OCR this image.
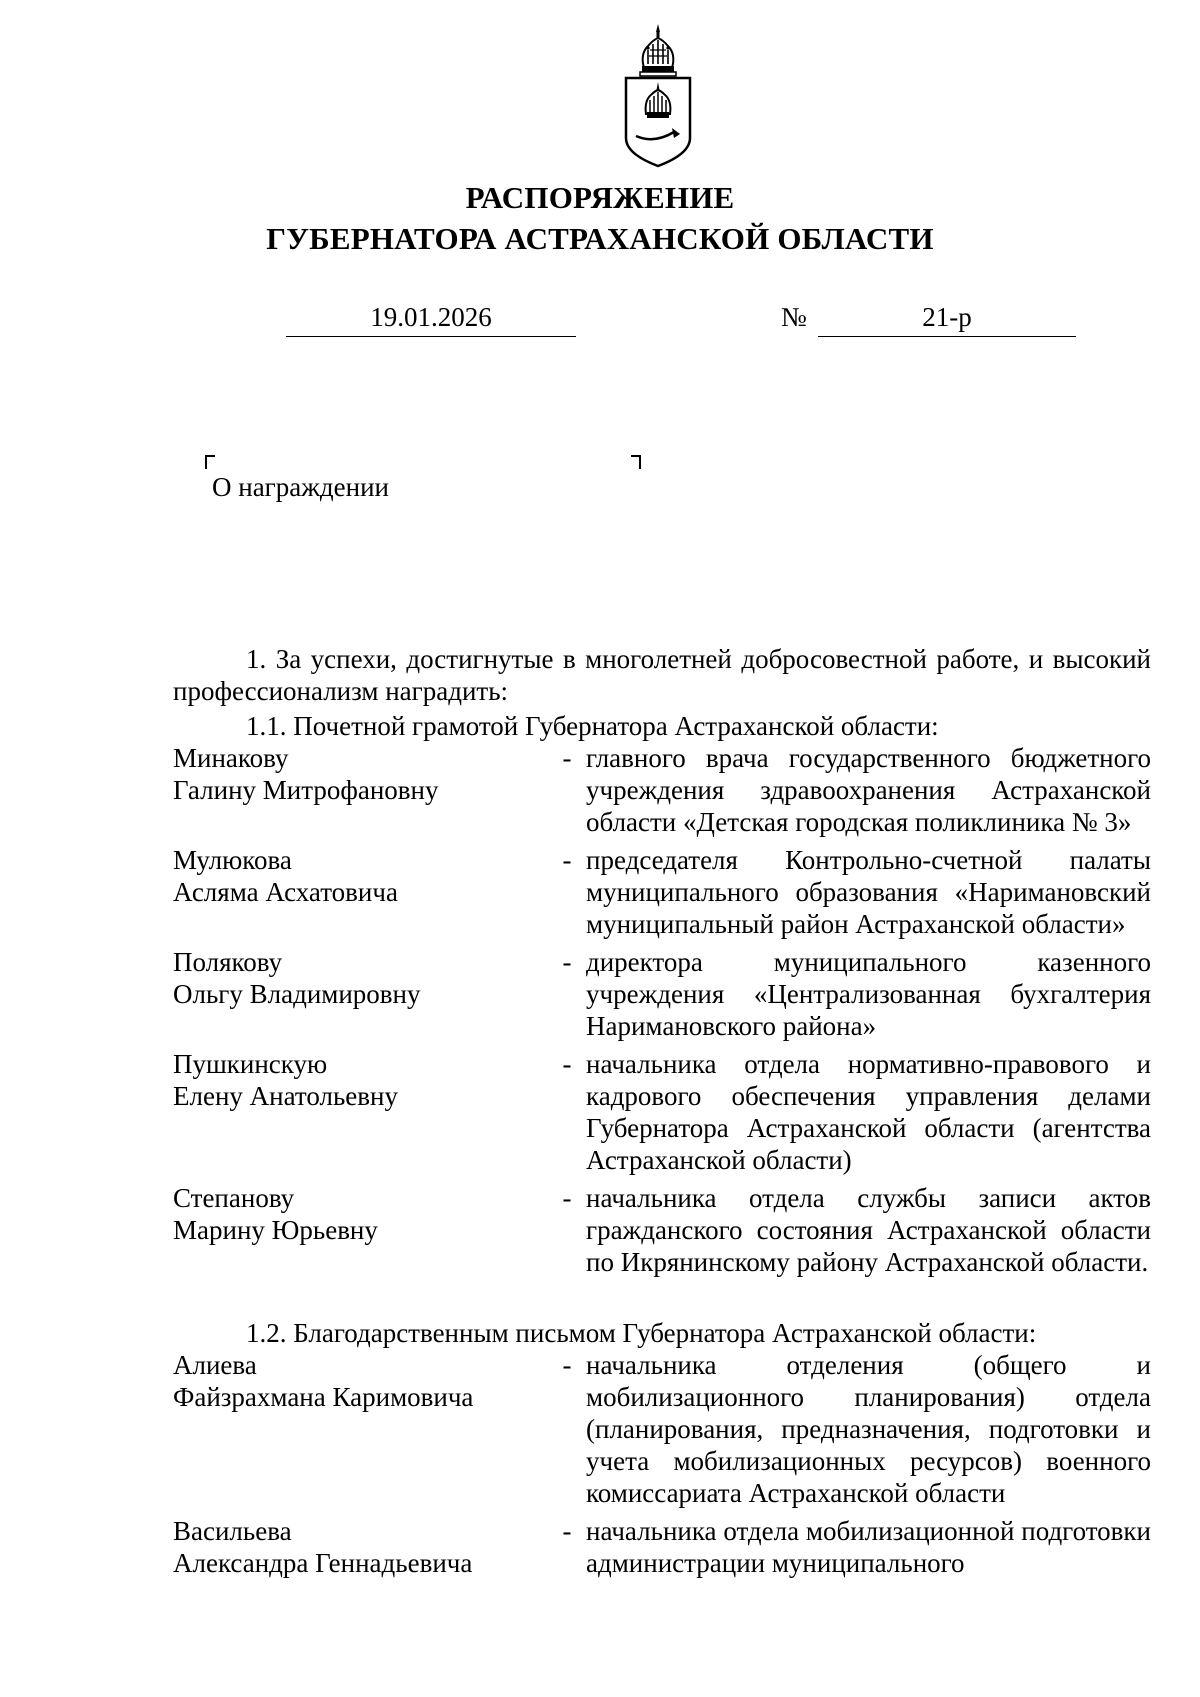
РАСПОРЯЖЕНИЕ
ГУБЕРНАТОРА АСТРАХАНСКОЙ ОБЛАСТИ
19.01.2026	№	21-р
О награждении
1. За успехи, достигнутые в многолетней добросовестной работе, и высокий профессионализм наградить:
1.1. Почетной грамотой Губернатора Астраханской области:
Минакову
Галину Митрофановну
- главного врача государственного бюджетного учреждения здравоохранения Астраханской области «Детская городская поликлиника № 3»
Мулюкова
Асляма Асхатовича
- председателя Контрольно-счетной палаты муниципального образования «Наримановский муниципальный район Астраханской области»
Полякову
Ольгу Владимировну
- директора муниципального казенного учреждения «Централизованная бухгалтерия Наримановского района»
Пушкинскую
Елену Анатольевну
- начальника отдела нормативно-правового и кадрового обеспечения управления делами Губернатора Астраханской области (агентства Астраханской области)
Степанову
Марину Юрьевну
- начальника отдела службы записи актов гражданского состояния Астраханской области по Икрянинскому району Астраханской области.
1.2. Благодарственным письмом Губернатора Астраханской области:
Алиева
Файзрахмана Каримовича
- начальника отделения (общего и мобилизационного планирования) отдела (планирования, предназначения, подготовки и учета мобилизационных ресурсов) военного комиссариата Астраханской области
Васильева
Александра Геннадьевича
- начальника отдела мобилизационной подготовки администрации муниципального
